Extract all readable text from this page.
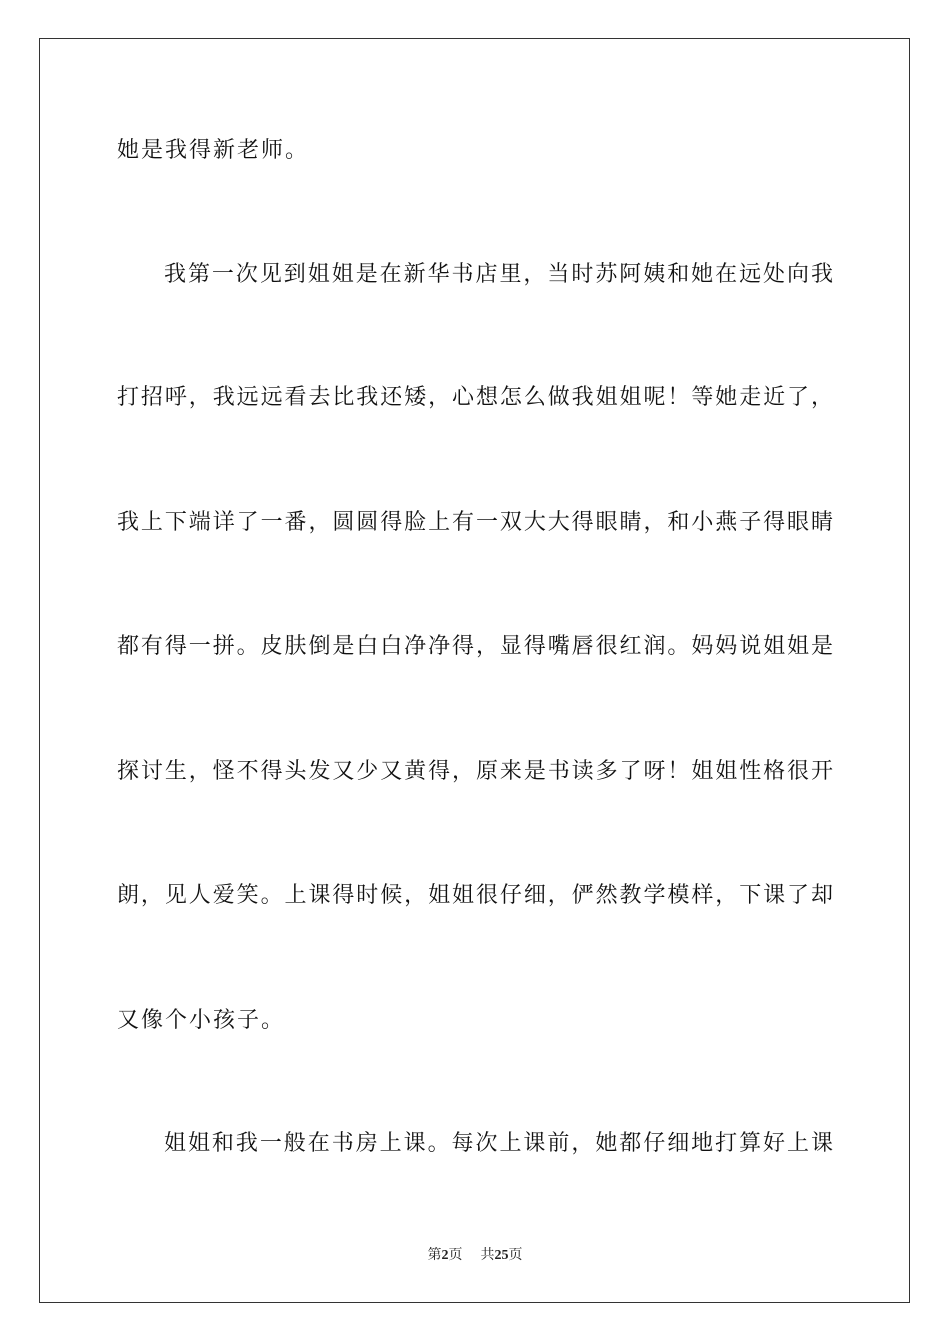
她是我得新老师。
我第一次见到姐姐是在新华书店里，当时苏阿姨和她在远处向我
打招呼，我远远看去比我还矮，心想怎么做我姐姐呢！等她走近了，
我上下端详了一番，圆圆得脸上有一双大大得眼睛，和小燕子得眼睛
都有得一拼。皮肤倒是白白净净得，显得嘴唇很红润。妈妈说姐姐是
探讨生，怪不得头发又少又黄得，原来是书读多了呀！姐姐性格很开
朗，见人爱笑。上课得时候，姐姐很仔细，俨然教学模样，下课了却
又像个小孩子。
姐姐和我一般在书房上课。每次上课前，她都仔细地打算好上课
第2页 共25页
